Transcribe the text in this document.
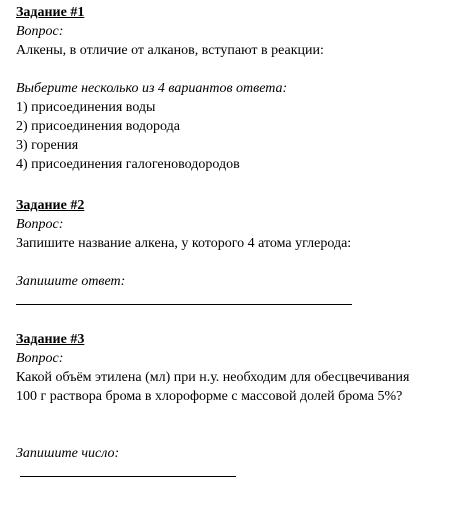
Задание #1
Вопрос:
Алкены, в отличие от алканов, вступают в реакции:
Выберите несколько из 4 вариантов ответа:
1) присоединения воды
2) присоединения водорода
3) горения
4) присоединения галогеноводородов
Задание #2
Вопрос:
Запишите название алкена, у которого 4 атома углерода:
Запишите ответ:
Задание #3
Вопрос:
Какой объём этилена (мл) при н.у. необходим для обесцвечивания
100 г раствора брома в хлороформе с массовой долей брома 5%?
Запишите число:
